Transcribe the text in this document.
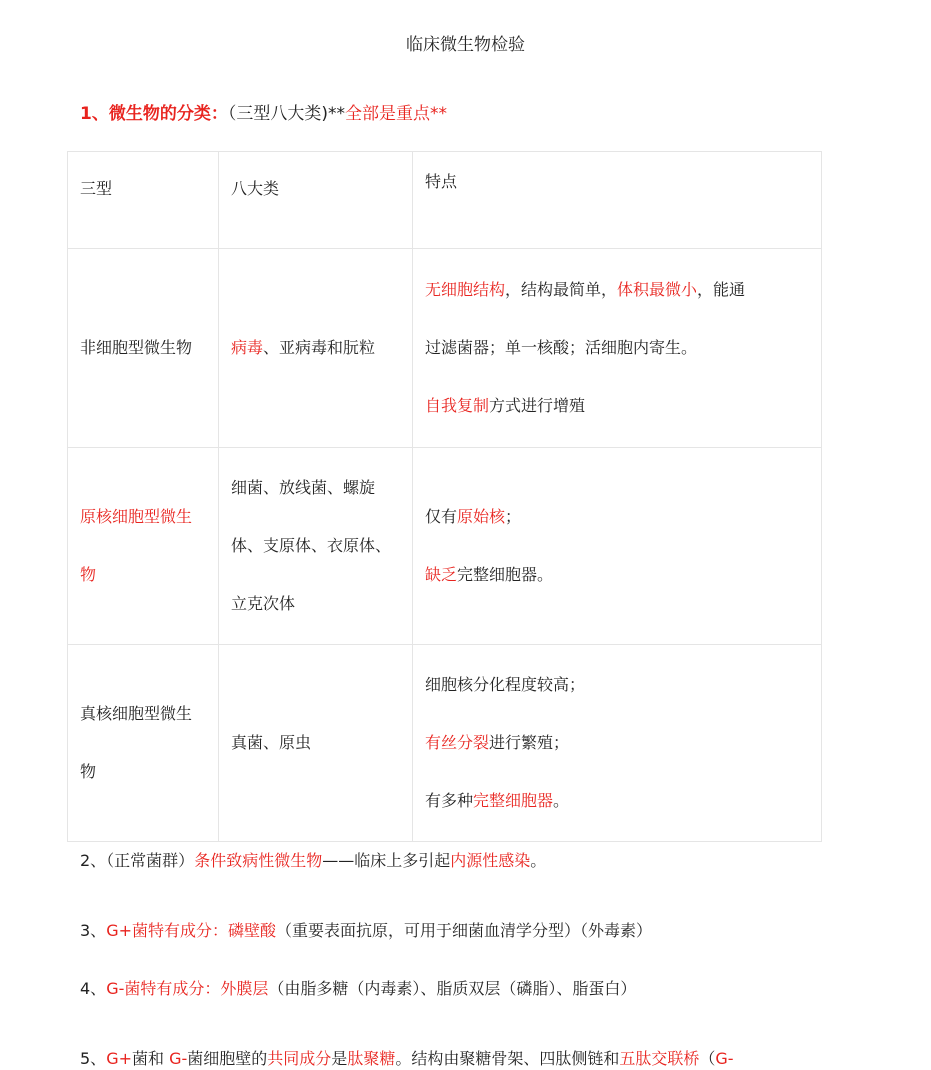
临床微生物检验
1、微生物的分类：（三型八大类)**全部是重点**
三型	八大类	特点
非细胞型微生物	病毒、亚病毒和朊粒	无细胞结构，结构最简单，体积最微小，能通
过滤菌器；单一核酸；活细胞内寄生。
自我复制方式进行增殖

原核细胞型微生物	细菌、放线菌、螺旋体、支原体、衣原体、立克次体	仅有原始核；
缺乏完整细胞器。

真核细胞型微生物	真菌、原虫	细胞核分化程度较高；
有丝分裂进行繁殖；
有多种完整细胞器。
2、（正常菌群）条件致病性微生物——临床上多引起内源性感染。
3、G+菌特有成分：磷壁酸（重要表面抗原，可用于细菌血清学分型）（外毒素）
4、G-菌特有成分：外膜层（由脂多糖（内毒素）、脂质双层（磷脂）、脂蛋白）
5、G+菌和 G-菌细胞壁的共同成分是肽聚糖。结构由聚糖骨架、四肽侧链和五肽交联桥（G-
